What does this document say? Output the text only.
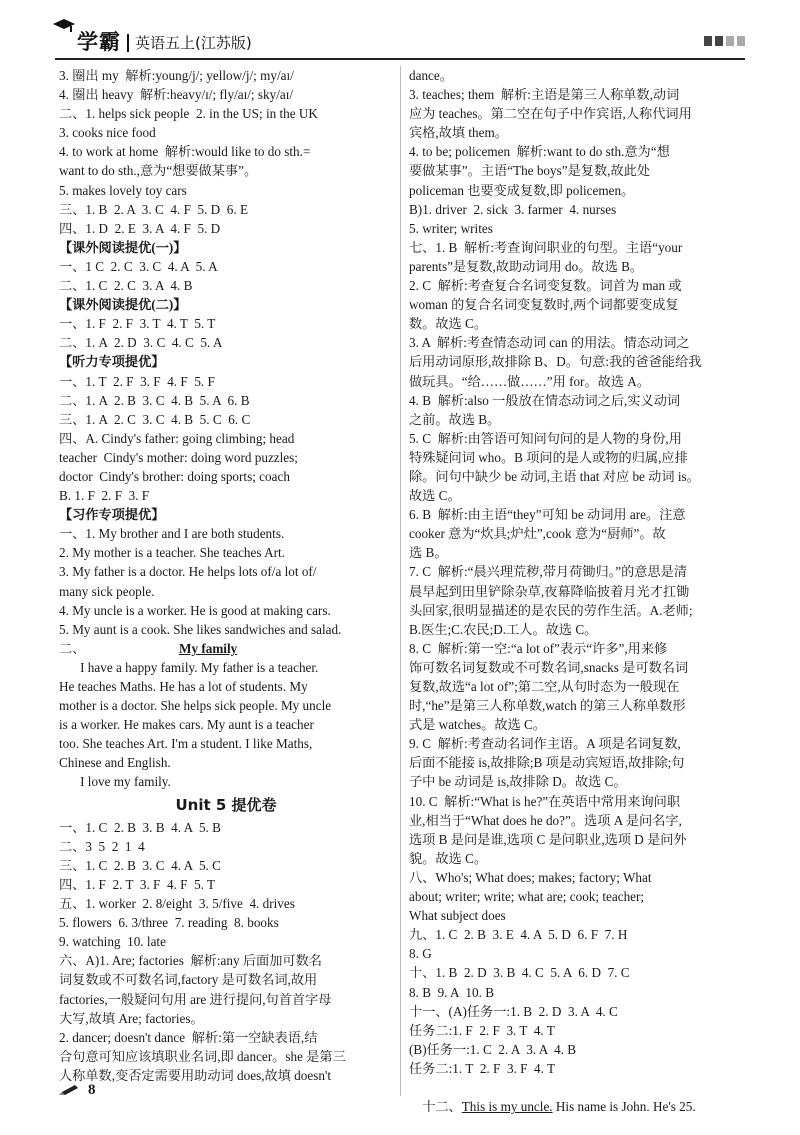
学霸 英语五上(江苏版)
3. 圈出 my  解析:young/j/; yellow/j/; my/aɪ/
4. 圈出 heavy  解析:heavy/ɪ/; fly/aɪ/; sky/aɪ/
二、1. helps sick people  2. in the US; in the UK
3. cooks nice food
4. to work at home  解析:would like to do sth.=
want to do sth.,意为“想要做某事”。
5. makes lovely toy cars
三、1. B  2. A  3. C  4. F  5. D  6. E
四、1. D  2. E  3. A  4. F  5. D
【课外阅读提优(一)】
一、1 C  2. C  3. C  4. A  5. A
二、1. C  2. C  3. A  4. B
【课外阅读提优(二)】
一、1. F  2. F  3. T  4. T  5. T
二、1. A  2. D  3. C  4. C  5. A
【听力专项提优】
一、1. T  2. F  3. F  4. F  5. F
二、1. A  2. B  3. C  4. B  5. A  6. B
三、1. A  2. C  3. C  4. B  5. C  6. C
四、A. Cindy's father: going climbing; head
teacher  Cindy's mother: doing word puzzles;
doctor  Cindy's brother: doing sports; coach
B. 1. F  2. F  3. F
【习作专项提优】
一、1. My brother and I are both students.
2. My mother is a teacher. She teaches Art.
3. My father is a doctor. He helps lots of/a lot of/
many sick people.
4. My uncle is a worker. He is good at making cars.
5. My aunt is a cook. She likes sandwiches and salad.
二、	My family
I have a happy family. My father is a teacher.
He teaches Maths. He has a lot of students. My
mother is a doctor. She helps sick people. My uncle
is a worker. He makes cars. My aunt is a teacher
too. She teaches Art. I'm a student. I like Maths,
Chinese and English.
I love my family.
Unit 5 提优卷
一、1. C  2. B  3. B  4. A  5. B
二、3  5  2  1  4
三、1. C  2. B  3. C  4. A  5. C
四、1. F  2. T  3. F  4. F  5. T
五、1. worker  2. 8/eight  3. 5/five  4. drives
5. flowers  6. 3/three  7. reading  8. books
9. watching  10. late
六、A)1. Are; factories  解析:any 后面加可数名
词复数或不可数名词,factory 是可数名词,故用
factories,一般疑问句用 are 进行提问,句首首字母
大写,故填 Are; factories。
2. dancer; doesn't dance  解析:第一空缺表语,结
合句意可知应该填职业名词,即 dancer。she 是第三
人称单数,变否定需要用助动词 does,故填 doesn't
dance。
3. teaches; them  解析:主语是第三人称单数,动词
应为 teaches。第二空在句子中作宾语,人称代词用
宾格,故填 them。
4. to be; policemen  解析:want to do sth.意为“想
要做某事”。主语“The boys”是复数,故此处
policeman 也要变成复数,即 policemen。
B)1. driver  2. sick  3. farmer  4. nurses
5. writer; writes
七、1. B  解析:考查询问职业的句型。主语“your
parents”是复数,故助动词用 do。故选 B。
2. C  解析:考查复合名词变复数。词首为 man 或
woman 的复合名词变复数时,两个词都要变成复
数。故选 C。
3. A  解析:考查情态动词 can 的用法。情态动词之
后用动词原形,故排除 B、D。句意:我的爸爸能给我
做玩具。“给……做……”用 for。故选 A。
4. B  解析:also 一般放在情态动词之后,实义动词
之前。故选 B。
5. C  解析:由答语可知问句问的是人物的身份,用
特殊疑问词 who。B 项问的是人或物的归属,应排
除。问句中缺少 be 动词,主语 that 对应 be 动词 is。
故选 C。
6. B  解析:由主语“they”可知 be 动词用 are。注意
cooker 意为“炊具;炉灶”,cook 意为“厨师”。故
选 B。
7. C  解析:“晨兴理荒秽,带月荷锄归。”的意思是清
晨早起到田里铲除杂草,夜幕降临披着月光才扛锄
头回家,很明显描述的是农民的劳作生活。A.老师;
B.医生;C.农民;D.工人。故选 C。
8. C  解析:第一空:“a lot of”表示“许多”,用来修
饰可数名词复数或不可数名词,snacks 是可数名词
复数,故选“a lot of”;第二空,从句时态为一般现在
时,“he”是第三人称单数,watch 的第三人称单数形
式是 watches。故选 C。
9. C  解析:考查动名词作主语。A 项是名词复数,
后面不能接 is,故排除;B 项是动宾短语,故排除;句
子中 be 动词是 is,故排除 D。故选 C。
10. C  解析:“What is he?”在英语中常用来询问职
业,相当于“What does he do?”。选项 A 是问名字,
选项 B 是问是谁,选项 C 是问职业,选项 D 是问外
貌。故选 C。
八、Who's; What does; makes; factory; What
about; writer; write; what are; cook; teacher;
What subject does
九、1. C  2. B  3. E  4. A  5. D  6. F  7. H
8. G
十、1. B  2. D  3. B  4. C  5. A  6. D  7. C
8. B  9. A  10. B
十一、(A)任务一:1. B  2. D  3. A  4. C
任务二:1. F  2. F  3. T  4. T
(B)任务一:1. C  2. A  3. A  4. B
任务二:1. T  2. F  3. F  4. T

十二、This is my uncle. His name is John. He's 25.

8
